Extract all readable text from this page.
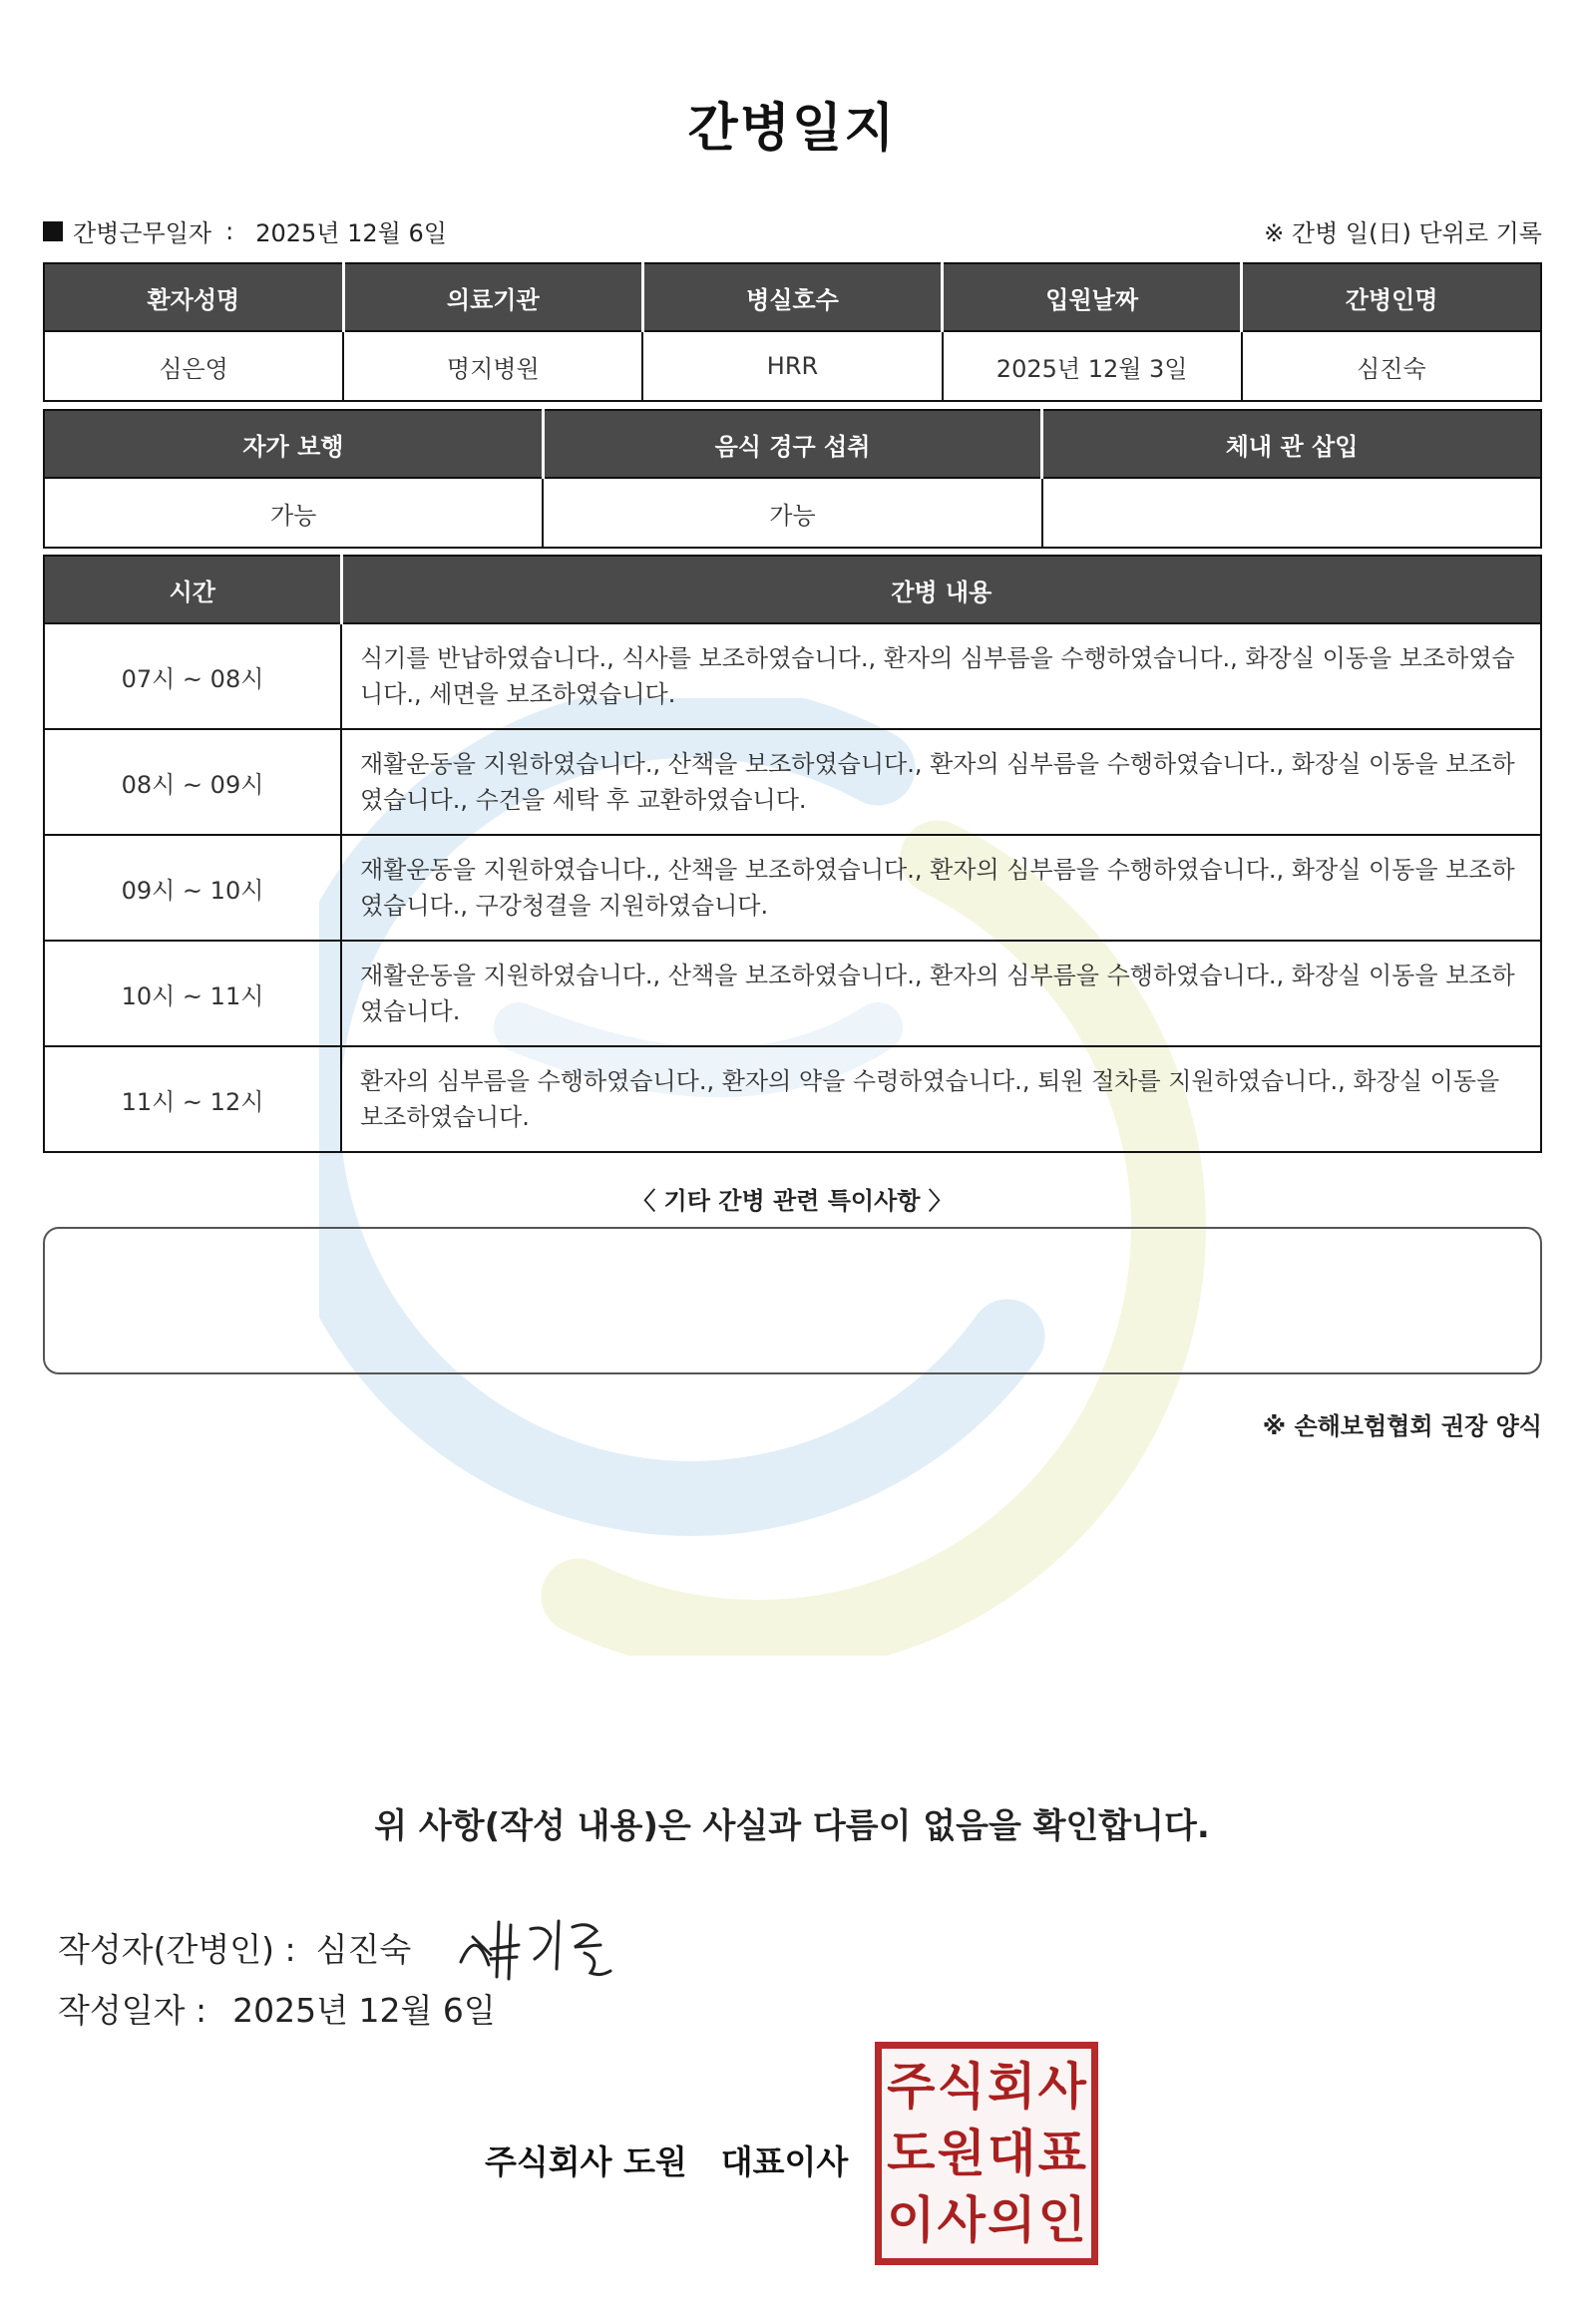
간병일지
간병근무일자 : 2025년 12월 6일	※ 간병 일(日) 단위로 기록
환자성명	의료기관	병실호수	입원날짜	간병인명
심은영	명지병원	HRR	2025년 12월 3일	심진숙
자가 보행	음식 경구 섭취	체내 관 삽입
가능	가능	
시간	간병 내용
07시 ~ 08시	식기를 반납하였습니다., 식사를 보조하였습니다., 환자의 심부름을 수행하였습니다., 화장실 이동을 보조하였습니다., 세면을 보조하였습니다.
08시 ~ 09시	재활운동을 지원하였습니다., 산책을 보조하였습니다., 환자의 심부름을 수행하였습니다., 화장실 이동을 보조하였습니다., 수건을 세탁 후 교환하였습니다.
09시 ~ 10시	재활운동을 지원하였습니다., 산책을 보조하였습니다., 환자의 심부름을 수행하였습니다., 화장실 이동을 보조하였습니다., 구강청결을 지원하였습니다.
10시 ~ 11시	재활운동을 지원하였습니다., 산책을 보조하였습니다., 환자의 심부름을 수행하였습니다., 화장실 이동을 보조하였습니다.
11시 ~ 12시	환자의 심부름을 수행하였습니다., 환자의 약을 수령하였습니다., 퇴원 절차를 지원하였습니다., 화장실 이동을 보조하였습니다.
〈 기타 간병 관련 특이사항 〉
※ 손해보험협회 권장 양식
위 사항(작성 내용)은 사실과 다름이 없음을 확인합니다.
작성자(간병인) : 심진숙
작성일자 : 2025년 12월 6일
주식회사 도원 대표이사
주 식 회 사
도 원 대 표
이 사 의 인
